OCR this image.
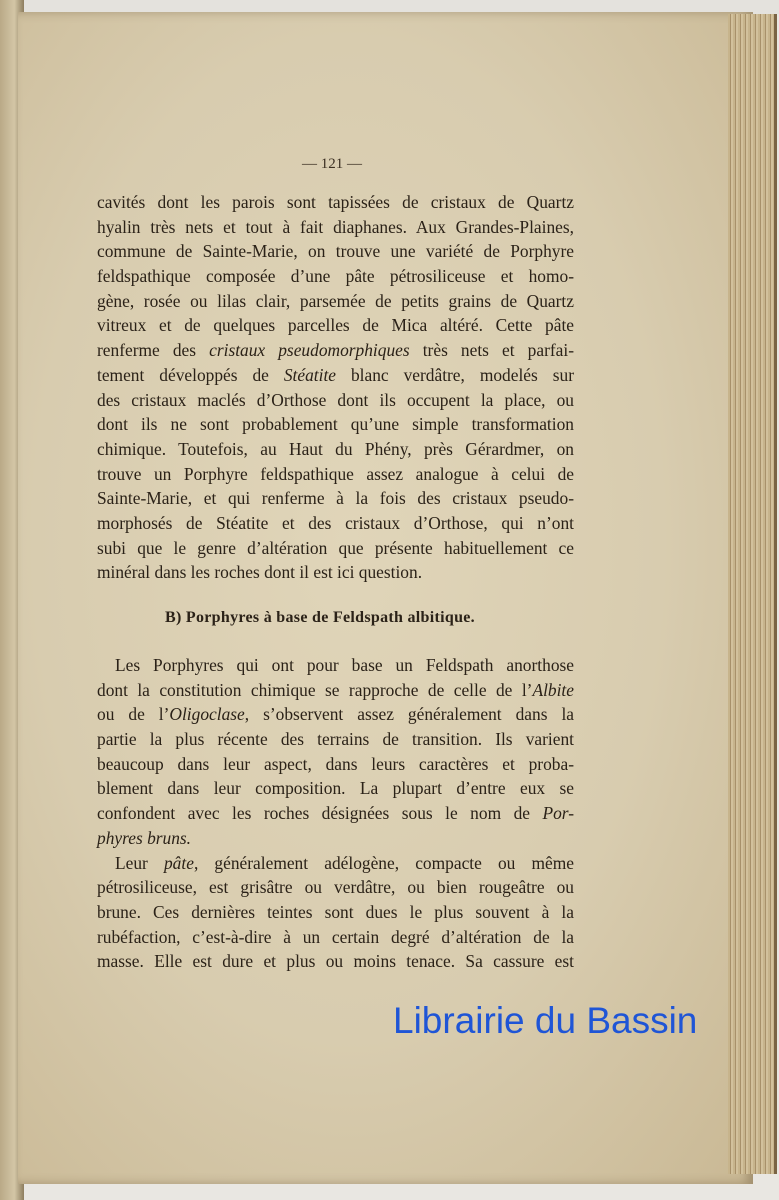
— 121 —
cavités dont les parois sont tapissées de cristaux de Quartz
hyalin très nets et tout à fait diaphanes. Aux Grandes-Plaines,
commune de Sainte-Marie, on trouve une variété de Porphyre
feldspathique composée d’une pâte pétrosiliceuse et homo-
gène, rosée ou lilas clair, parsemée de petits grains de Quartz
vitreux et de quelques parcelles de Mica altéré. Cette pâte
renferme des cristaux pseudomorphiques très nets et parfai-
tement développés de Stéatite blanc verdâtre, modelés sur
des cristaux maclés d’Orthose dont ils occupent la place, ou
dont ils ne sont probablement qu’une simple transformation
chimique. Toutefois, au Haut du Phény, près Gérardmer, on
trouve un Porphyre feldspathique assez analogue à celui de
Sainte-Marie, et qui renferme à la fois des cristaux pseudo-
morphosés de Stéatite et des cristaux d’Orthose, qui n’ont
subi que le genre d’altération que présente habituellement ce
minéral dans les roches dont il est ici question.
B) Porphyres à base de Feldspath albitique.
Les Porphyres qui ont pour base un Feldspath anorthose
dont la constitution chimique se rapproche de celle de l’Albite
ou de l’Oligoclase, s’observent assez généralement dans la
partie la plus récente des terrains de transition. Ils varient
beaucoup dans leur aspect, dans leurs caractères et proba-
blement dans leur composition. La plupart d’entre eux se
confondent avec les roches désignées sous le nom de Por-
phyres bruns.
Leur pâte, généralement adélogène, compacte ou même
pétrosiliceuse, est grisâtre ou verdâtre, ou bien rougeâtre ou
brune. Ces dernières teintes sont dues le plus souvent à la
rubéfaction, c’est-à-dire à un certain degré d’altération de la
masse. Elle est dure et plus ou moins tenace. Sa cassure est
Librairie du Bassin
